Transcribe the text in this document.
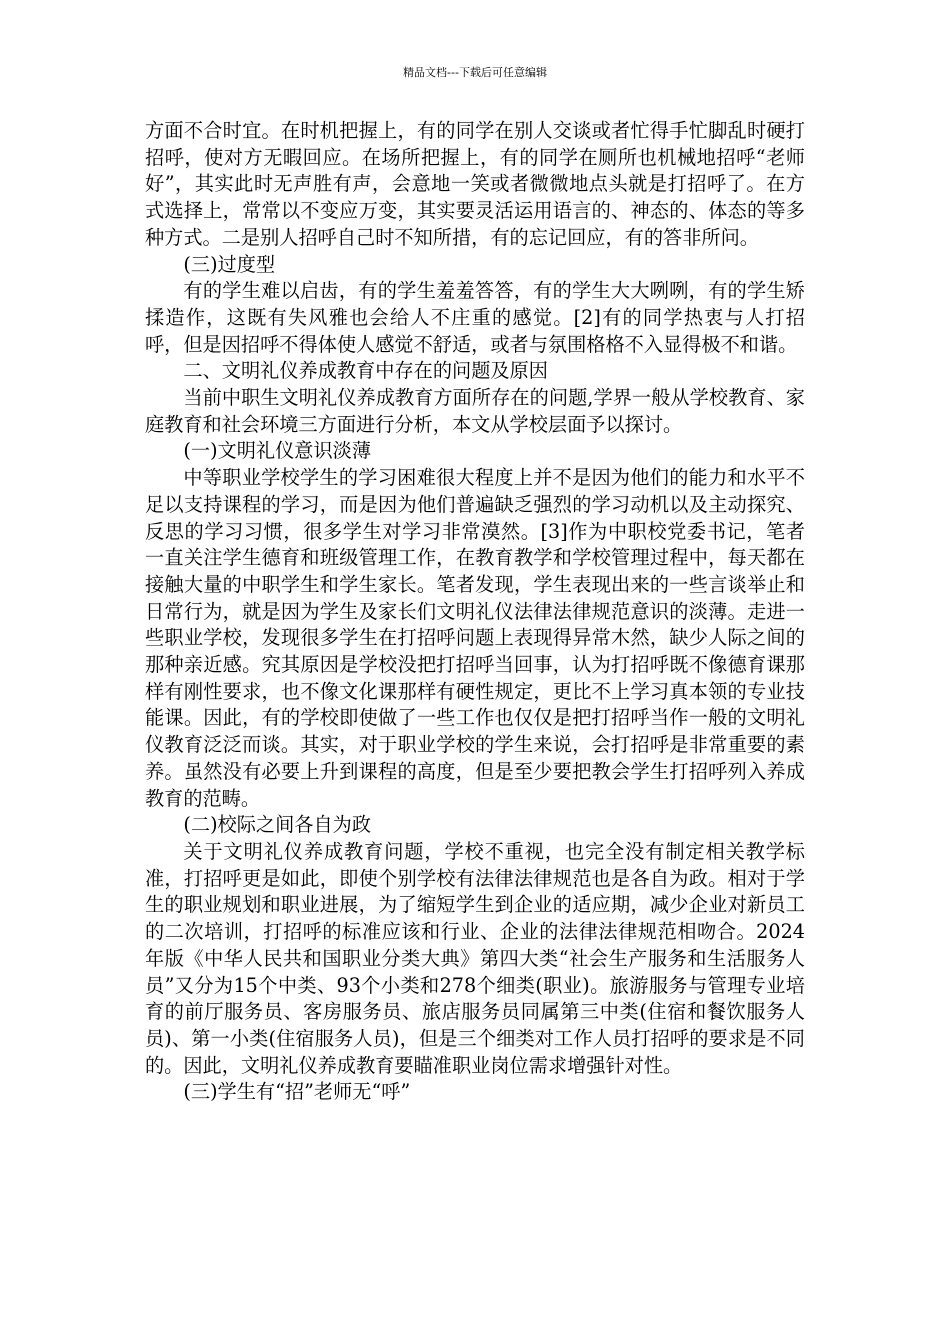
精品文档---下载后可任意编辑

方面不合时宜。在时机把握上，有的同学在别人交谈或者忙得手忙脚乱时硬打招呼，使对方无暇回应。在场所把握上，有的同学在厕所也机械地招呼“老师好”，其实此时无声胜有声，会意地一笑或者微微地点头就是打招呼了。在方式选择上，常常以不变应万变，其实要灵活运用语言的、神态的、体态的等多种方式。二是别人招呼自己时不知所措，有的忘记回应，有的答非所问。

(三)过度型

有的学生难以启齿，有的学生羞羞答答，有的学生大大咧咧，有的学生矫揉造作，这既有失风雅也会给人不庄重的感觉。[2]有的同学热衷与人打招呼，但是因招呼不得体使人感觉不舒适，或者与氛围格格不入显得极不和谐。

二、文明礼仪养成教育中存在的问题及原因

当前中职生文明礼仪养成教育方面所存在的问题,学界一般从学校教育、家庭教育和社会环境三方面进行分析，本文从学校层面予以探讨。

(一)文明礼仪意识淡薄

中等职业学校学生的学习困难很大程度上并不是因为他们的能力和水平不足以支持课程的学习，而是因为他们普遍缺乏强烈的学习动机以及主动探究、反思的学习习惯，很多学生对学习非常漠然。[3]作为中职校党委书记，笔者一直关注学生德育和班级管理工作，在教育教学和学校管理过程中，每天都在接触大量的中职学生和学生家长。笔者发现，学生表现出来的一些言谈举止和日常行为，就是因为学生及家长们文明礼仪法律法律规范意识的淡薄。走进一些职业学校，发现很多学生在打招呼问题上表现得异常木然，缺少人际之间的那种亲近感。究其原因是学校没把打招呼当回事，认为打招呼既不像德育课那样有刚性要求，也不像文化课那样有硬性规定，更比不上学习真本领的专业技能课。因此，有的学校即使做了一些工作也仅仅是把打招呼当作一般的文明礼仪教育泛泛而谈。其实，对于职业学校的学生来说，会打招呼是非常重要的素养。虽然没有必要上升到课程的高度，但是至少要把教会学生打招呼列入养成教育的范畴。

(二)校际之间各自为政

关于文明礼仪养成教育问题，学校不重视，也完全没有制定相关教学标准，打招呼更是如此，即使个别学校有法律法律规范也是各自为政。相对于学生的职业规划和职业进展，为了缩短学生到企业的适应期，减少企业对新员工的二次培训，打招呼的标准应该和行业、企业的法律法律规范相吻合。2024年版《中华人民共和国职业分类大典》第四大类“社会生产服务和生活服务人员”又分为15个中类、93个小类和278个细类(职业)。旅游服务与管理专业培育的前厅服务员、客房服务员、旅店服务员同属第三中类(住宿和餐饮服务人员)、第一小类(住宿服务人员)，但是三个细类对工作人员打招呼的要求是不同的。因此，文明礼仪养成教育要瞄准职业岗位需求增强针对性。

(三)学生有“招”老师无“呼”
